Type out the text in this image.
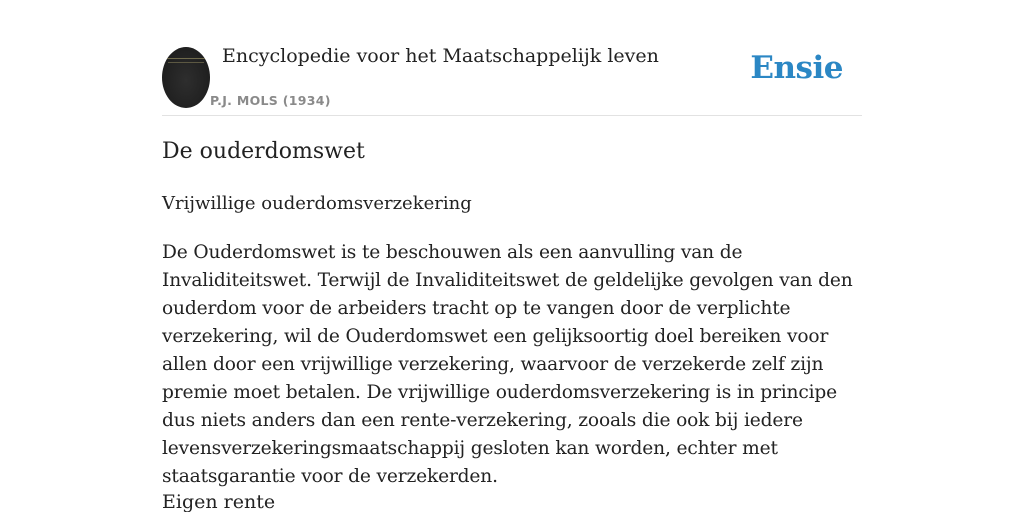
Encyclopedie voor het Maatschappelijk leven
P.J. MOLS (1934)
Ensie
De ouderdomswet
Vrijwillige ouderdomsverzekering

De Ouderdomswet is te beschouwen als een aanvulling van de Invaliditeitswet. Terwijl de Invaliditeitswet de geldelijke gevolgen van den ouderdom voor de arbeiders tracht op te vangen door de verplichte verzekering, wil de Ouderdomswet een gelijksoortig doel bereiken voor allen door een vrijwillige verzekering, waarvoor de verzekerde zelf zijn premie moet betalen. De vrijwillige ouderdomsverzekering is in principe dus niets anders dan een rente-verzekering, zooals die ook bij iedere levensverzekeringsmaatschappij gesloten kan worden, echter met staatsgarantie voor de verzekerden.

Eigen rente
